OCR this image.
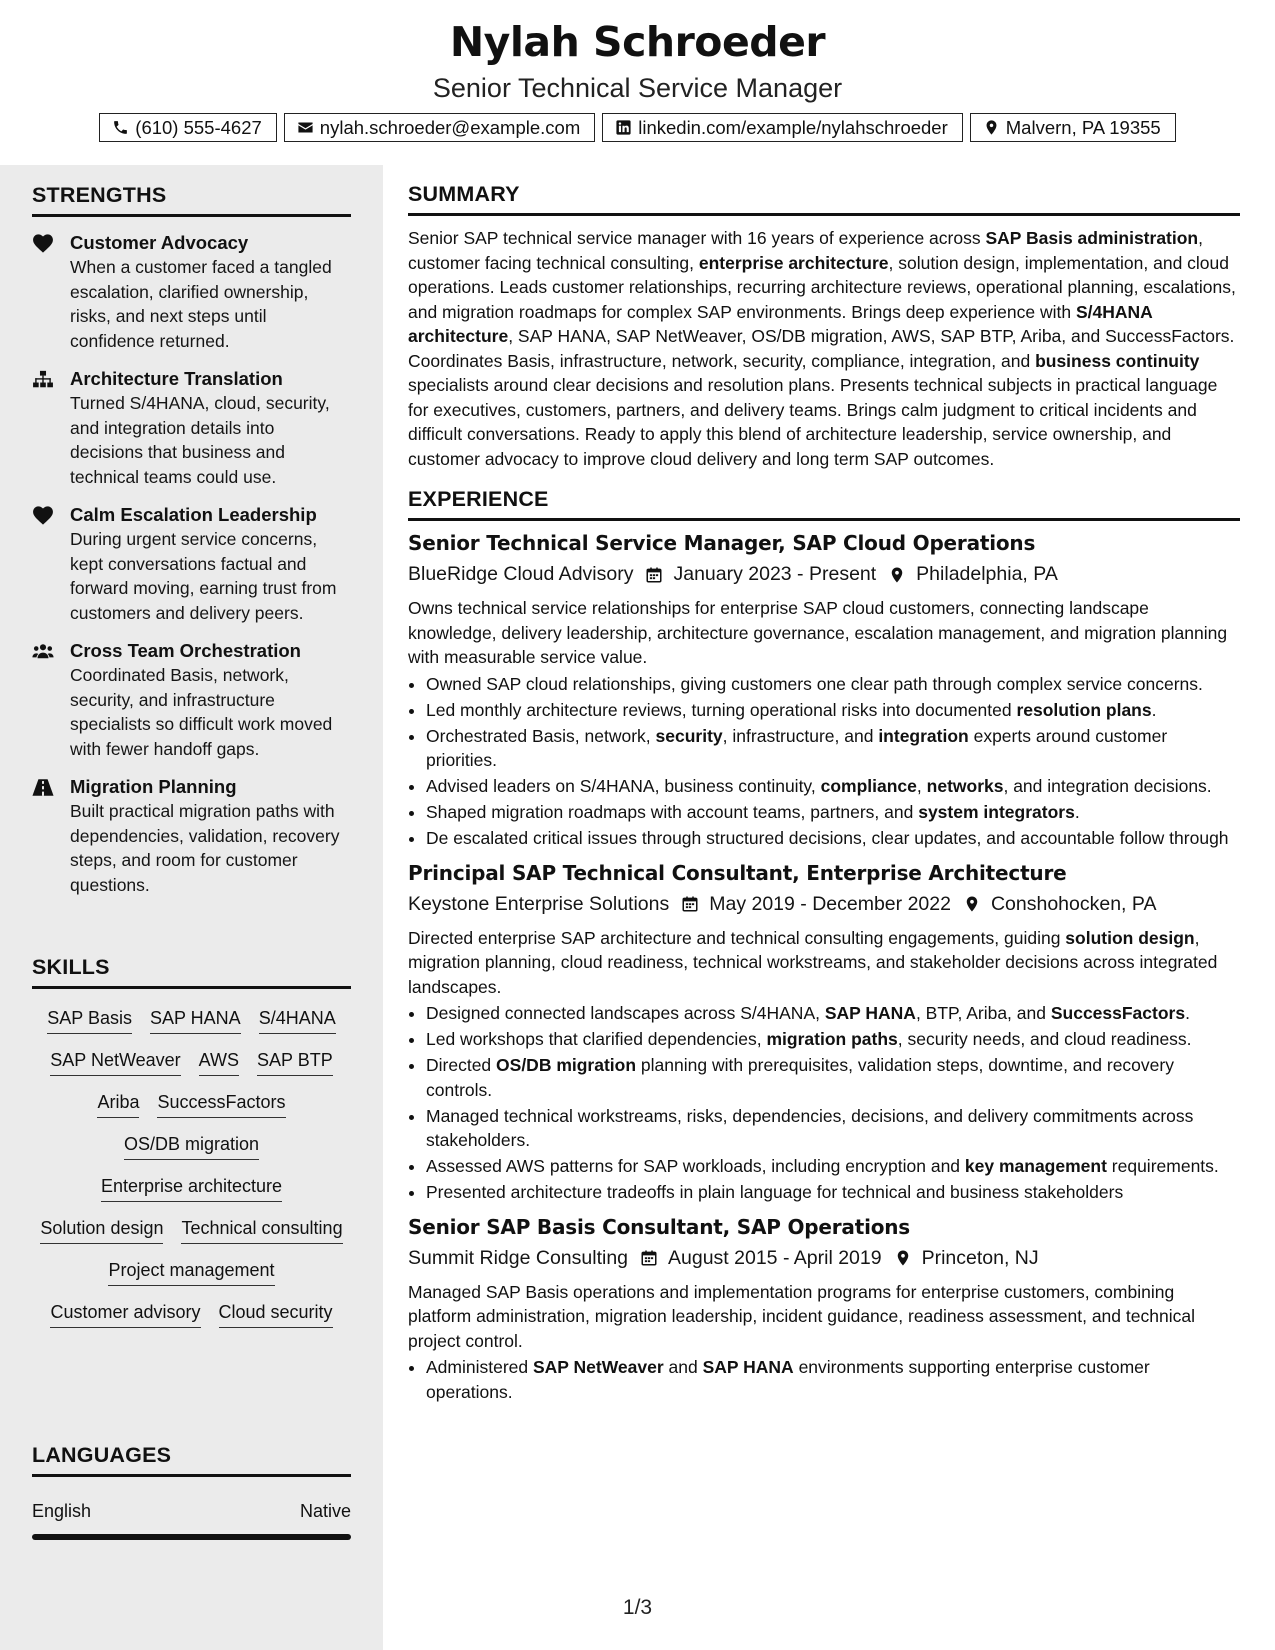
Nylah Schroeder
Senior Technical Service Manager
(610) 555-4627	nylah.schroeder@example.com	linkedin.com/example/nylahschroeder	Malvern, PA 19355
STRENGTHS
Customer Advocacy
When a customer faced a tangled escalation, clarified ownership, risks, and next steps until confidence returned.
Architecture Translation
Turned S/4HANA, cloud, security, and integration details into decisions that business and technical teams could use.
Calm Escalation Leadership
During urgent service concerns, kept conversations factual and forward moving, earning trust from customers and delivery peers.
Cross Team Orchestration
Coordinated Basis, network, security, and infrastructure specialists so difficult work moved with fewer handoff gaps.
Migration Planning
Built practical migration paths with dependencies, validation, recovery steps, and room for customer questions.
SKILLS
SAP Basis SAP HANA S/4HANA
SAP NetWeaver AWS SAP BTP
Ariba SuccessFactors
OS/DB migration
Enterprise architecture
Solution design Technical consulting
Project management
Customer advisory Cloud security
LANGUAGES
English	Native
SUMMARY

Senior SAP technical service manager with 16 years of experience across SAP Basis administration, customer facing technical consulting, enterprise architecture, solution design, implementation, and cloud operations. Leads customer relationships, recurring architecture reviews, operational planning, escalations, and migration roadmaps for complex SAP environments. Brings deep experience with S/4HANA architecture, SAP HANA, SAP NetWeaver, OS/DB migration, AWS, SAP BTP, Ariba, and SuccessFactors. Coordinates Basis, infrastructure, network, security, compliance, integration, and business continuity specialists around clear decisions and resolution plans. Presents technical subjects in practical language for executives, customers, partners, and delivery teams. Brings calm judgment to critical incidents and difficult conversations. Ready to apply this blend of architecture leadership, service ownership, and customer advocacy to improve cloud delivery and long term SAP outcomes.

EXPERIENCE
Senior Technical Service Manager, SAP Cloud Operations
BlueRidge Cloud Advisory January 2023 - Present Philadelphia, PA
Owns technical service relationships for enterprise SAP cloud customers, connecting landscape knowledge, delivery leadership, architecture governance, escalation management, and migration planning with measurable service value.
• Owned SAP cloud relationships, giving customers one clear path through complex service concerns.
• Led monthly architecture reviews, turning operational risks into documented resolution plans.
• Orchestrated Basis, network, security, infrastructure, and integration experts around customer priorities.
• Advised leaders on S/4HANA, business continuity, compliance, networks, and integration decisions.
• Shaped migration roadmaps with account teams, partners, and system integrators.
• De escalated critical issues through structured decisions, clear updates, and accountable follow through
Principal SAP Technical Consultant, Enterprise Architecture
Keystone Enterprise Solutions May 2019 - December 2022 Conshohocken, PA
Directed enterprise SAP architecture and technical consulting engagements, guiding solution design, migration planning, cloud readiness, technical workstreams, and stakeholder decisions across integrated landscapes.
• Designed connected landscapes across S/4HANA, SAP HANA, BTP, Ariba, and SuccessFactors.
• Led workshops that clarified dependencies, migration paths, security needs, and cloud readiness.
• Directed OS/DB migration planning with prerequisites, validation steps, downtime, and recovery controls.
• Managed technical workstreams, risks, dependencies, decisions, and delivery commitments across stakeholders.
• Assessed AWS patterns for SAP workloads, including encryption and key management requirements.
• Presented architecture tradeoffs in plain language for technical and business stakeholders
Senior SAP Basis Consultant, SAP Operations
Summit Ridge Consulting August 2015 - April 2019 Princeton, NJ
Managed SAP Basis operations and implementation programs for enterprise customers, combining platform administration, migration leadership, incident guidance, readiness assessment, and technical project control.
• Administered SAP NetWeaver and SAP HANA environments supporting enterprise customer operations.
1/3
